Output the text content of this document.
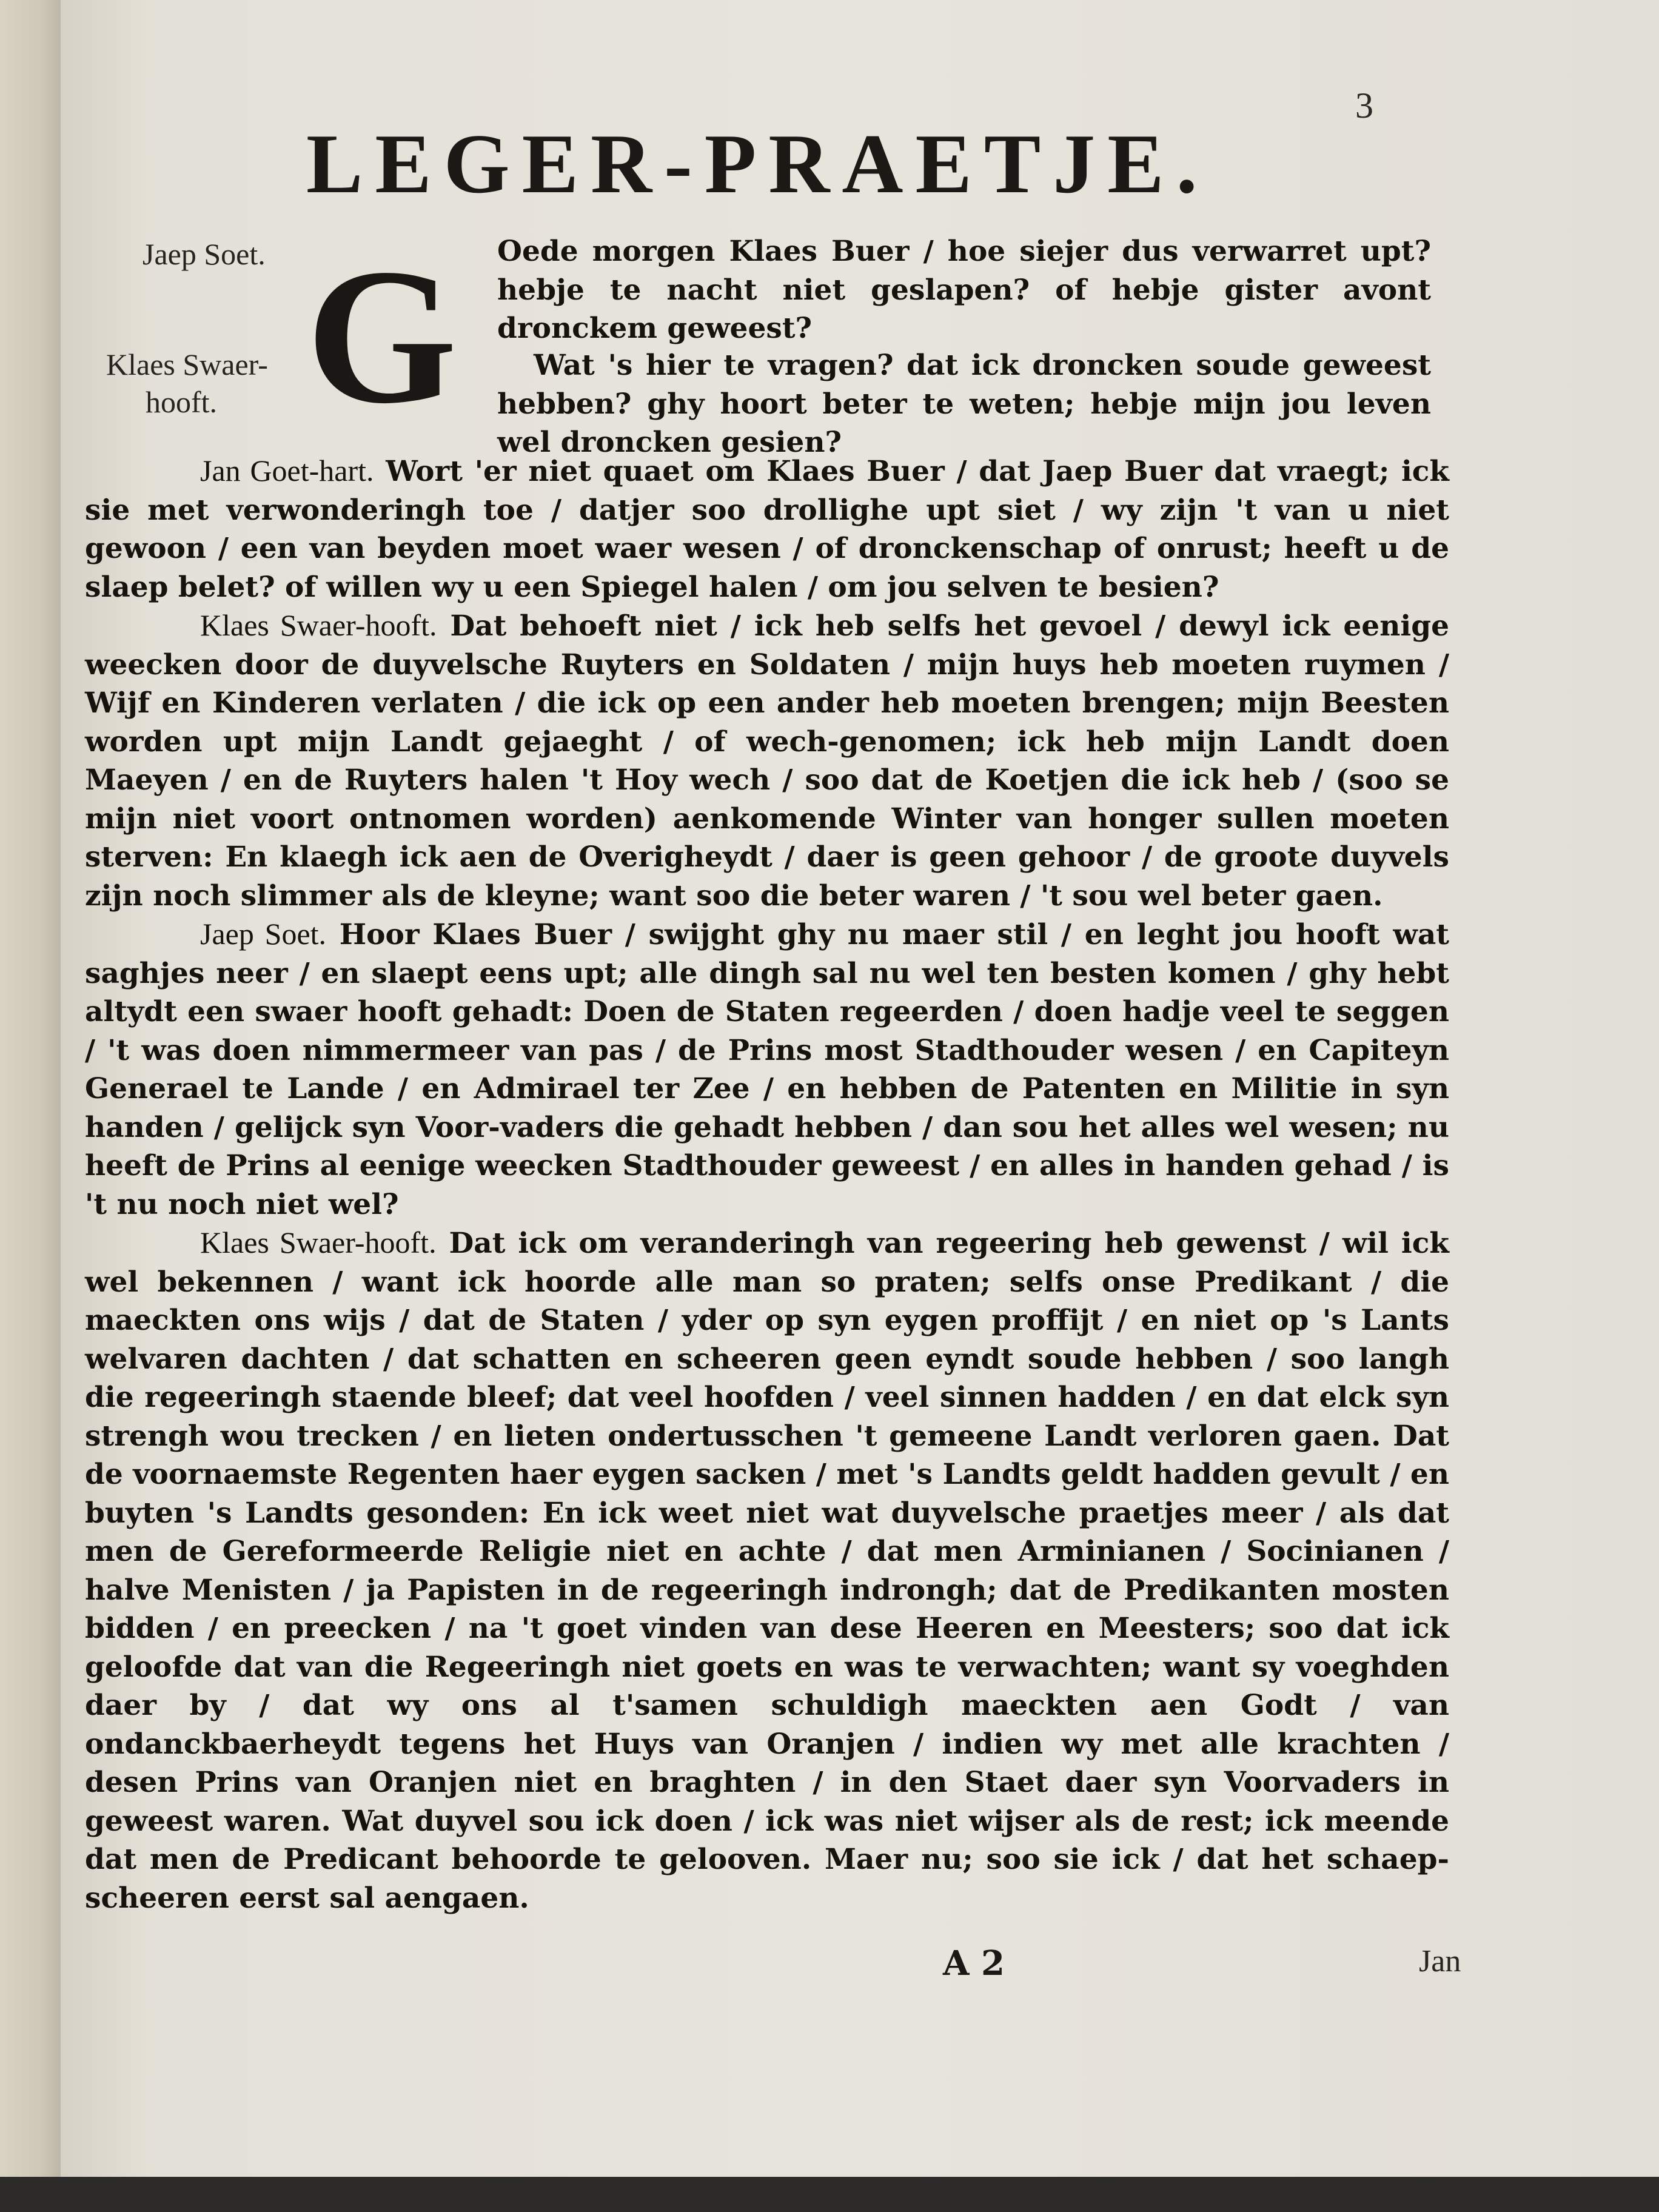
3
LEGER-PRAETJE.
G
Jaep Soet.
Klaes Swaer-
hooft.
Oede morgen Klaes Buer / hoe siejer dus verwarret upt? hebje te nacht niet geslapen? of hebje gister avont dronckem geweest?
Wat 's hier te vragen? dat ick droncken soude geweest hebben? ghy hoort beter te weten; hebje mijn jou leven wel droncken gesien?

Jan Goet-hart. Wort 'er niet quaet om Klaes Buer / dat Jaep Buer dat vraegt; ick sie met verwonderingh toe / datjer soo drollighe upt siet / wy zijn 't van u niet gewoon / een van beyden moet waer wesen / of dronckenschap of onrust; heeft u de slaep belet? of willen wy u een Spiegel halen / om jou selven te besien?

Klaes Swaer-hooft. Dat behoeft niet / ick heb selfs het gevoel / dewyl ick eenige weecken door de duyvelsche Ruyters en Soldaten / mijn huys heb moeten ruymen / Wijf en Kinderen verlaten / die ick op een ander heb moeten brengen; mijn Beesten worden upt mijn Landt gejaeght / of wech-genomen; ick heb mijn Landt doen Maeyen / en de Ruyters halen 't Hoy wech / soo dat de Koetjen die ick heb / (soo se mijn niet voort ontnomen worden) aenkomende Winter van honger sullen moeten sterven: En klaegh ick aen de Overigheydt / daer is geen gehoor / de groote duyvels zijn noch slimmer als de kleyne; want soo die beter waren / 't sou wel beter gaen.

Jaep Soet. Hoor Klaes Buer / swijght ghy nu maer stil / en leght jou hooft wat saghjes neer / en slaept eens upt; alle dingh sal nu wel ten besten komen / ghy hebt altydt een swaer hooft gehadt: Doen de Staten regeerden / doen hadje veel te seggen / 't was doen nimmermeer van pas / de Prins most Stadthouder wesen / en Capiteyn Generael te Lande / en Admirael ter Zee / en hebben de Patenten en Militie in syn handen / gelijck syn Voor-vaders die gehadt hebben / dan sou het alles wel wesen; nu heeft de Prins al eenige weecken Stadthouder geweest / en alles in handen gehad / is 't nu noch niet wel?

Klaes Swaer-hooft. Dat ick om veranderingh van regeering heb gewenst / wil ick wel bekennen / want ick hoorde alle man so praten; selfs onse Predikant / die maeckten ons wijs / dat de Staten / yder op syn eygen proffijt / en niet op 's Lants welvaren dachten / dat schatten en scheeren geen eyndt soude hebben / soo langh die regeeringh staende bleef; dat veel hoofden / veel sinnen hadden / en dat elck syn strengh wou trecken / en lieten ondertusschen 't gemeene Landt verloren gaen. Dat de voornaemste Regenten haer eygen sacken / met 's Landts geldt hadden gevult / en buyten 's Landts gesonden: En ick weet niet wat duyvelsche praetjes meer / als dat men de Gereformeerde Religie niet en achte / dat men Arminianen / Socinianen / halve Menisten / ja Papisten in de regeeringh indrongh; dat de Predikanten mosten bidden / en preecken / na 't goet vinden van dese Heeren en Meesters; soo dat ick geloofde dat van die Regeeringh niet goets en was te verwachten; want sy voeghden daer by / dat wy ons al t'samen schuldigh maeckten aen Godt / van ondanckbaerheydt tegens het Huys van Oranjen / indien wy met alle krachten / desen Prins van Oranjen niet en braghten / in den Staet daer syn Voorvaders in geweest waren. Wat duyvel sou ick doen / ick was niet wijser als de rest; ick meende dat men de Predicant behoorde te gelooven. Maer nu; soo sie ick / dat het schaep-scheeren eerst sal aengaen.

A 2	Jan
